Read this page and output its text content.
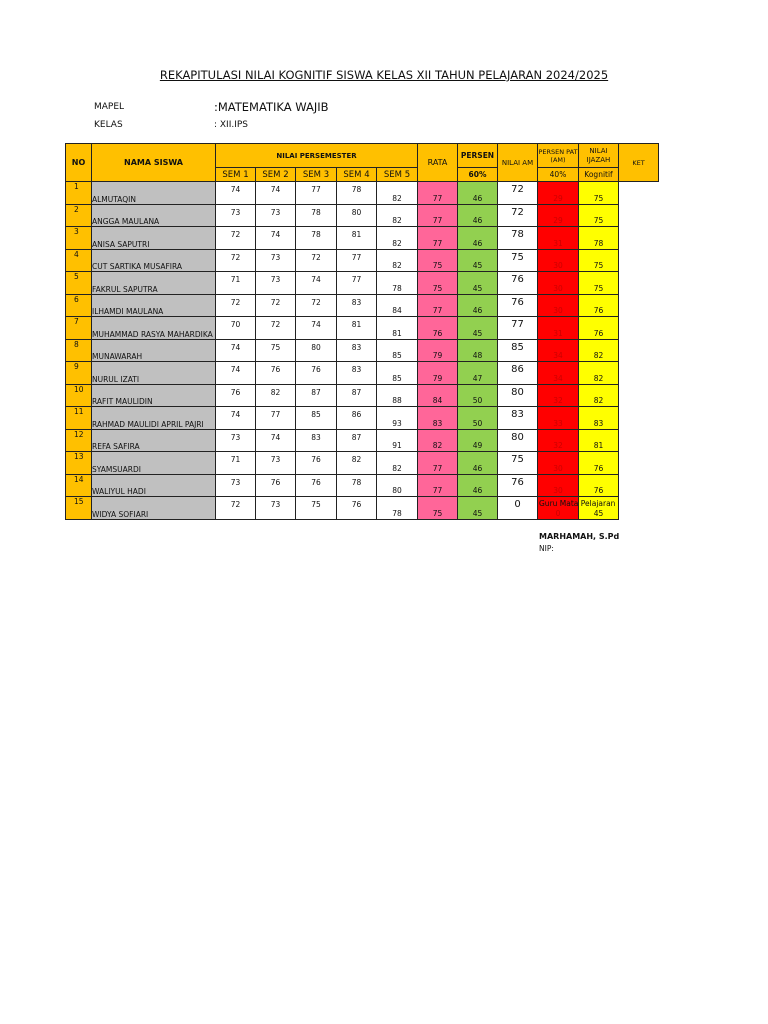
REKAPITULASI NILAI KOGNITIF SISWA KELAS XII TAHUN PELAJARAN 2024/2025
MAPEL	:MATEMATIKA WAJIB
KELAS	: XII.IPS
NO	NAMA SISWA	NILAI PERSEMESTER					RATA	PERSEN	NILAI AM	PERSEN PAT (AM)	NILAI IJAZAH	KET
		SEM 1	SEM 2	SEM 3	SEM 4	SEM 5		60%		40%	Kognitif	
1	ALMUTAQIN	74	74	77	78	82	77	46	72	29	75	
2	ANGGA MAULANA	73	73	78	80	82	77	46	72	29	75	
3	ANISA SAPUTRI	72	74	78	81	82	77	46	78	31	78	
4	CUT SARTIKA MUSAFIRA	72	73	72	77	82	75	45	75	30	75	
5	FAKRUL SAPUTRA	71	73	74	77	78	75	45	76	30	75	
6	ILHAMDI MAULANA	72	72	72	83	84	77	46	76	30	76	
7	MUHAMMAD RASYA MAHARDIKA	70	72	74	81	81	76	45	77	31	76	
8	MUNAWARAH	74	75	80	83	85	79	48	85	34	82	
9	NURUL IZATI	74	76	76	83	85	79	47	86	34	82	
10	RAFIT MAULIDIN	76	82	87	87	88	84	50	80	32	82	
11	RAHMAD MAULIDI APRIL PAJRI	74	77	85	86	93	83	50	83	33	83	
12	REFA SAFIRA	73	74	83	87	91	82	49	80	32	81	
13	SYAMSUARDI	71	73	76	82	82	77	46	75	30	76	
14	WALIYUL HADI	73	76	76	78	80	77	46	76	30	76	
15	WIDYA SOFIARI	72	73	75	76	78	75	45	0	0	45	
Guru Mata Pelajaran
MARHAMAH, S.Pd
NIP:
